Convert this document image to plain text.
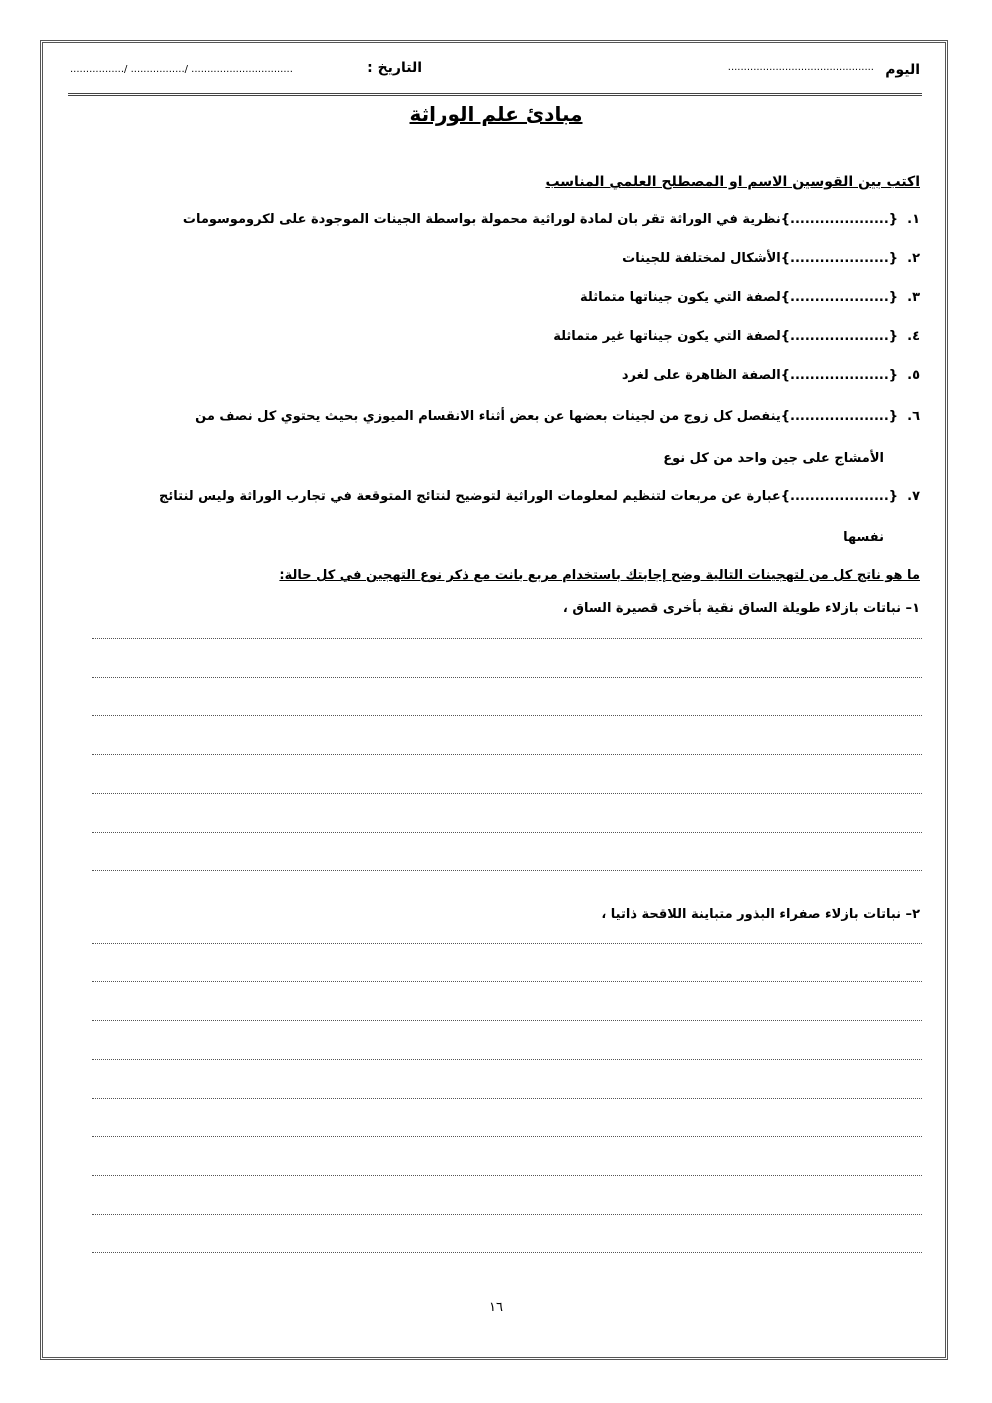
اليوم
..............................................
التاريخ :
................./ ................./ ................................
مبادئ علم الوراثة
اكتب بين القوسين الاسم او المصطلح العلمي المناسب
١.  {....................}نظرية في الوراثة تقر بان لمادة لوراثية محمولة بواسطة الجينات الموجودة على لكروموسومات
٢.  {....................}الأشكال لمختلفة للجينات
٣.  {....................}لصفة التي يكون جيناتها متماثلة
٤.  {....................}لصفة التي يكون جيناتها غير متماثلة
٥.  {....................}الصفة الظاهرة على لغرد
٦.  {....................}ينفصل كل زوج من لجينات بعضها عن بعض أثناء الانقسام الميوزي بحيث يحتوي كل نصف من
الأمشاج على جين واحد من كل نوع
٧.  {....................}عبارة عن مربعات لتنظيم لمعلومات الوراثية لتوضيح لنتائج المتوقعة في تجارب الوراثة وليس لنتائج
نفسها
ما هو ناتج كل من لتهجينات التالية وضح إجابتك باستخدام مربع بانت مع ذكر نوع التهجين في كل حالة:
١– نباتات بازلاء طويلة الساق نقية بأخرى قصيرة الساق ،
٢– نباتات بازلاء صفراء البذور متباينة اللاقحة ذاتيا ،
١٦
